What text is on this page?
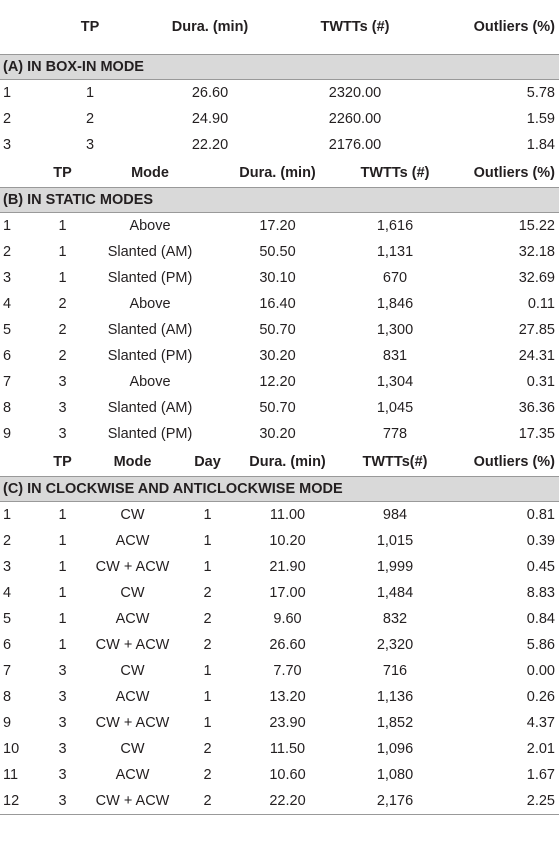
	TP	Dura. (min)	TWTTs (#)	Outliers (%)
(A) IN BOX-IN MODE				
1	1	26.60	2320.00	5.78
2	2	24.90	2260.00	1.59
3	3	22.20	2176.00	1.84
	TP	Mode	Dura. (min)	TWTTs (#)	Outliers (%)
(B) IN STATIC MODES					
1	1	Above	17.20	1,616	15.22
2	1	Slanted (AM)	50.50	1,131	32.18
3	1	Slanted (PM)	30.10	670	32.69
4	2	Above	16.40	1,846	0.11
5	2	Slanted (AM)	50.70	1,300	27.85
6	2	Slanted (PM)	30.20	831	24.31
7	3	Above	12.20	1,304	0.31
8	3	Slanted (AM)	50.70	1,045	36.36
9	3	Slanted (PM)	30.20	778	17.35
	TP	Mode	Day	Dura. (min)	TWTTs(#)	Outliers (%)
(C) IN CLOCKWISE AND ANTICLOCKWISE MODE						
1	1	CW	1	11.00	984	0.81
2	1	ACW	1	10.20	1,015	0.39
3	1	CW + ACW	1	21.90	1,999	0.45
4	1	CW	2	17.00	1,484	8.83
5	1	ACW	2	9.60	832	0.84
6	1	CW + ACW	2	26.60	2,320	5.86
7	3	CW	1	7.70	716	0.00
8	3	ACW	1	13.20	1,136	0.26
9	3	CW + ACW	1	23.90	1,852	4.37
10	3	CW	2	11.50	1,096	2.01
11	3	ACW	2	10.60	1,080	1.67
12	3	CW + ACW	2	22.20	2,176	2.25
